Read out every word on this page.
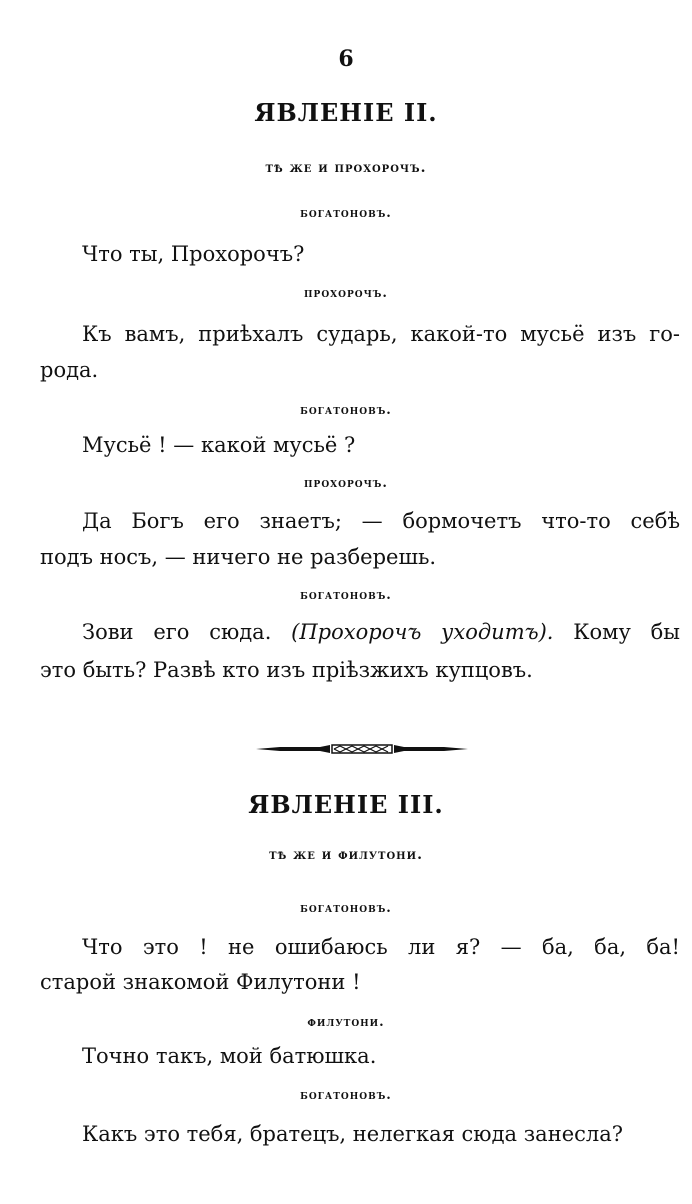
6
ЯВЛЕНIЕ II.
тѣ же и прохорочъ.
богатоновъ.
Что ты, Прохорочъ?
прохорочъ.
Къ вамъ, приѣхалъ сударь, какой-то мусьё изъ го-
рода.
богатоновъ.
Мусьё ! — какой мусьё ?
прохорочъ.
Да Богъ его знаетъ; — бормочетъ что-то себѣ
подъ носъ, — ничего не разберешь.
богатоновъ.
Зови его сюда. (Прохорочъ уходитъ). Кому бы
это быть? Развѣ кто изъ пріѣзжихъ купцовъ.
ЯВЛЕНIЕ III.
тѣ же и филутони.
богатоновъ.
Что это ! не ошибаюсь ли я? — ба, ба, ба!
старой знакомой Филутони !
филутони.
Точно такъ, мой батюшка.
богатоновъ.
Какъ это тебя, братецъ, нелегкая сюда занесла?
